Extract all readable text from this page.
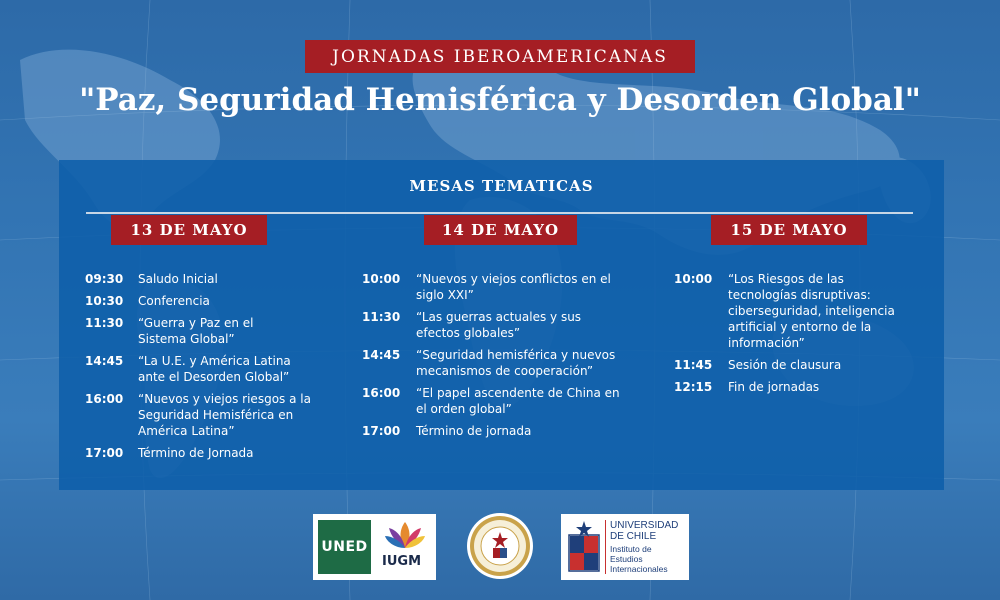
JORNADAS IBEROAMERICANAS
"Paz, Seguridad Hemisférica y Desorden Global"
MESAS TEMATICAS
13 DE MAYO
09:30	Saludo Inicial
10:30	Conferencia
11:30	“Guerra y Paz en el Sistema Global”
14:45	“La U.E. y América Latina ante el Desorden Global”
16:00	“Nuevos y viejos riesgos a la Seguridad Hemisférica en América Latina”
17:00	Término de Jornada
14 DE MAYO
10:00	“Nuevos y viejos conflictos en el siglo XXI”
11:30	“Las guerras actuales y sus efectos globales”
14:45	“Seguridad hemisférica y nuevos mecanismos de cooperación”
16:00	“El papel ascendente de China en el orden global”
17:00	Término de jornada
15 DE MAYO
10:00	“Los Riesgos de las tecnologías disruptivas: ciberseguridad, inteligencia artificial y entorno de la información”
11:45	Sesión de clausura
12:15	Fin de jornadas
UNED
IUGM
UNIVERSIDAD DE CHILE
Instituto de Estudios Internacionales
